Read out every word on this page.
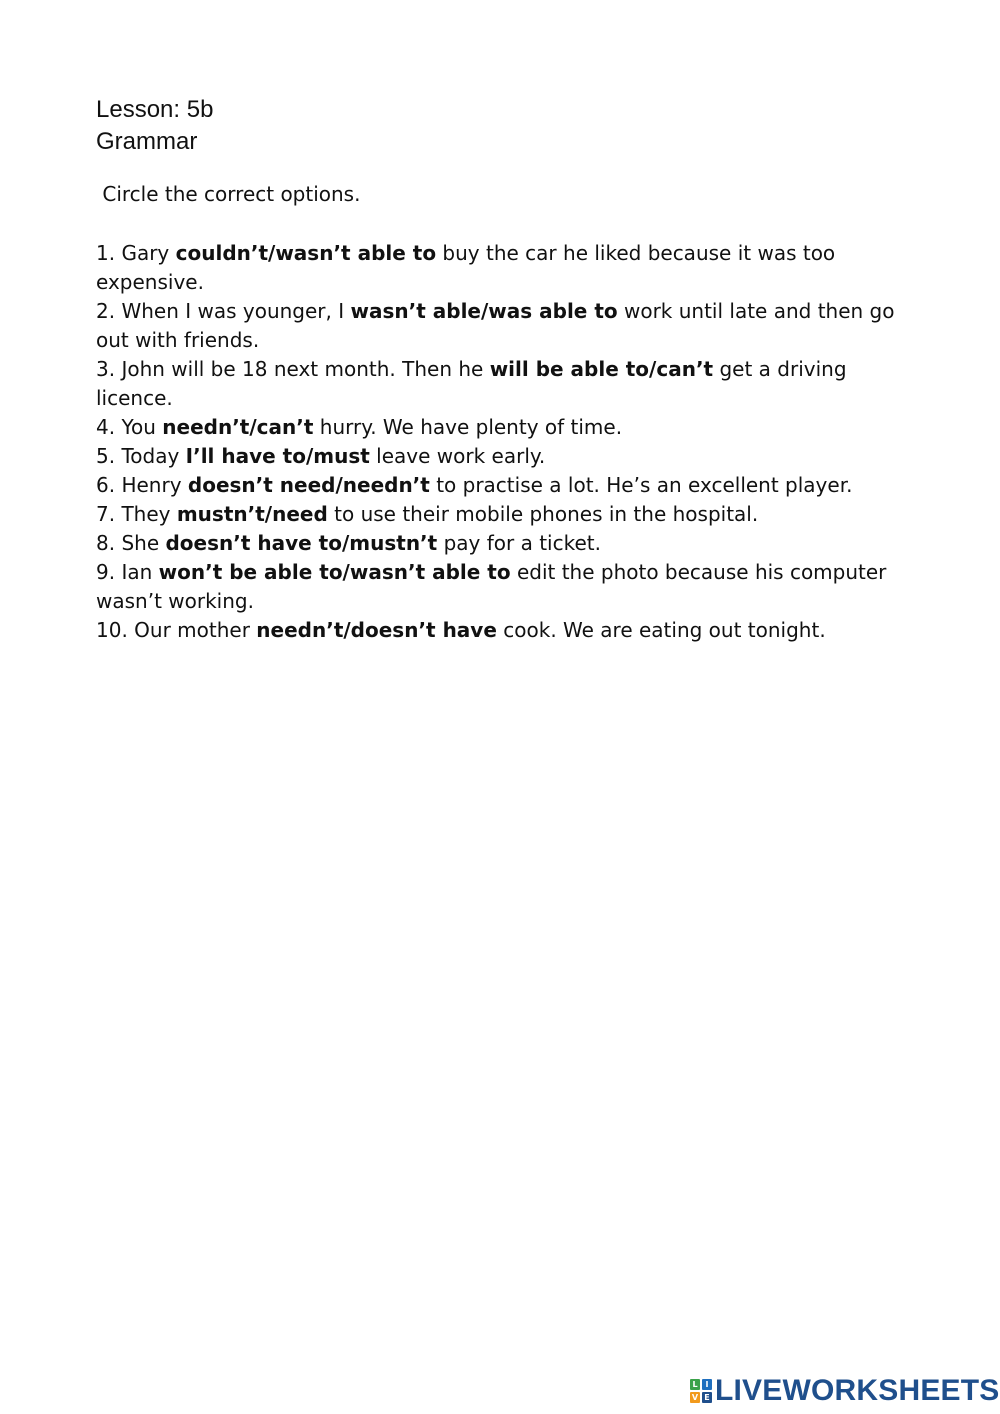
Lesson: 5b
Grammar
Circle the correct options.
1. Gary couldn’t/wasn’t able to buy the car he liked because it was too expensive.
2. When I was younger, I wasn’t able/was able to work until late and then go out with friends.
3. John will be 18 next month. Then he will be able to/can’t get a driving licence.
4. You needn’t/can’t hurry. We have plenty of time.
5. Today I’ll have to/must leave work early.
6. Henry doesn’t need/needn’t to practise a lot. He’s an excellent player.
7. They mustn’t/need to use their mobile phones in the hospital.
8. She doesn’t have to/mustn’t pay for a ticket.
9. Ian won’t be able to/wasn’t able to edit the photo because his computer wasn’t working.
10. Our mother needn’t/doesn’t have cook. We are eating out tonight.
L I
V E LIVEWORKSHEETS
